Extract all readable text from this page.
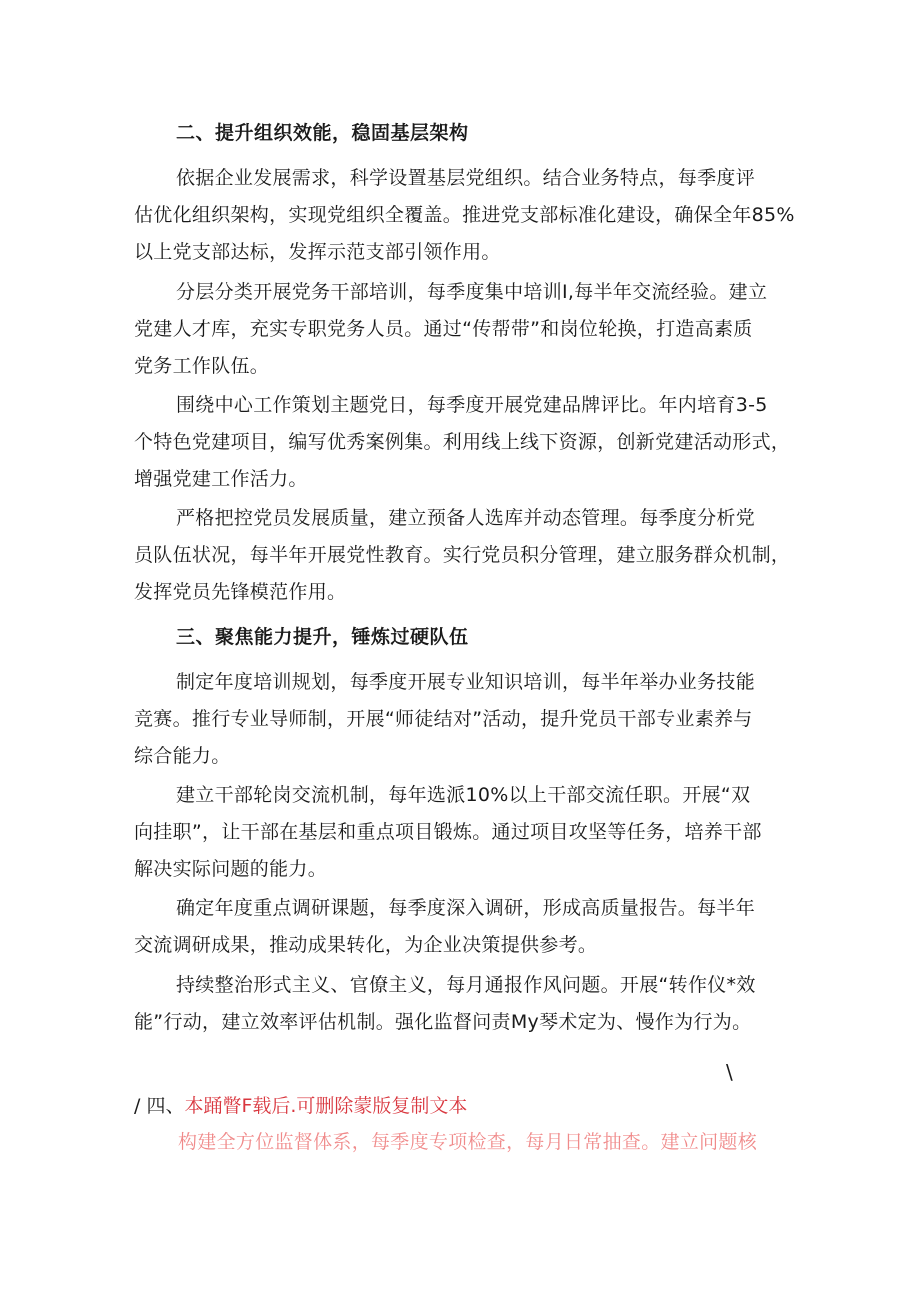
二、提升组织效能，稳固基层架构
依据企业发展需求，科学设置基层党组织。结合业务特点，每季度评
估优化组织架构，实现党组织全覆盖。推进党支部标准化建设，确保全年85%
以上党支部达标，发挥示范支部引领作用。
分层分类开展党务干部培训，每季度集中培训I,每半年交流经验。建立
党建人才库，充实专职党务人员。通过“传帮带”和岗位轮换，打造高素质
党务工作队伍。
围绕中心工作策划主题党日，每季度开展党建品牌评比。年内培育3-5
个特色党建项目，编写优秀案例集。利用线上线下资源，创新党建活动形式，
增强党建工作活力。
严格把控党员发展质量，建立预备人选库并动态管理。每季度分析党
员队伍状况，每半年开展党性教育。实行党员积分管理，建立服务群众机制，
发挥党员先锋模范作用。
三、聚焦能力提升，锤炼过硬队伍
制定年度培训规划，每季度开展专业知识培训，每半年举办业务技能
竞赛。推行专业导师制，开展“师徒结对”活动，提升党员干部专业素养与
综合能力。
建立干部轮岗交流机制，每年选派10%以上干部交流任职。开展“双
向挂职”，让干部在基层和重点项目锻炼。通过项目攻坚等任务，培养干部
解决实际问题的能力。
确定年度重点调研课题，每季度深入调研，形成高质量报告。每半年
交流调研成果，推动成果转化，为企业决策提供参考。
持续整治形式主义、官僚主义，每月通报作风问题。开展“转作仪*效
能”行动，建立效率评估机制。强化监督问责My琴术定为、慢作为行为。
\
/ 四、本踊瞥F载后.可删除蒙版复制文本
构建全方位监督体系，每季度专项检查，每月日常抽查。建立问题核
